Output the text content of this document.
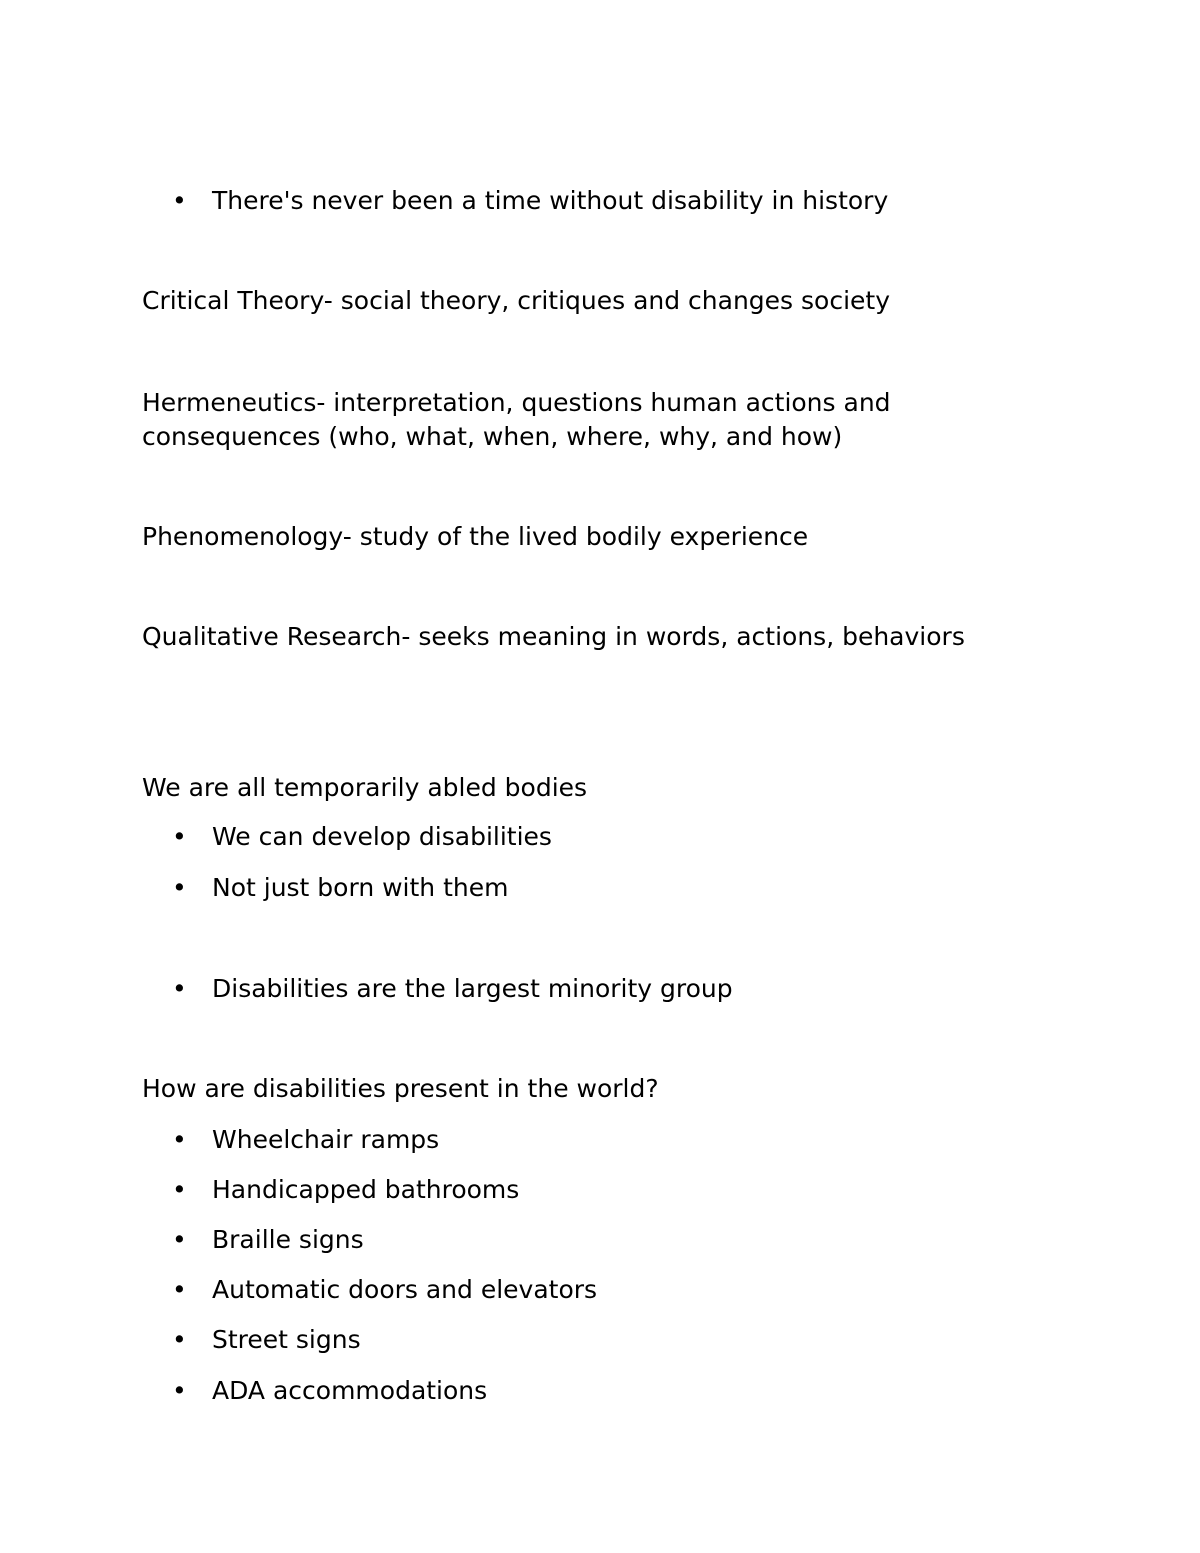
• There's never been a time without disability in history
Critical Theory- social theory, critiques and changes society
Hermeneutics- interpretation, questions human actions and
consequences (who, what, when, where, why, and how)
Phenomenology- study of the lived bodily experience
Qualitative Research- seeks meaning in words, actions, behaviors
We are all temporarily abled bodies
• We can develop disabilities
• Not just born with them
• Disabilities are the largest minority group
How are disabilities present in the world?
• Wheelchair ramps
• Handicapped bathrooms
• Braille signs
• Automatic doors and elevators
• Street signs
• ADA accommodations
